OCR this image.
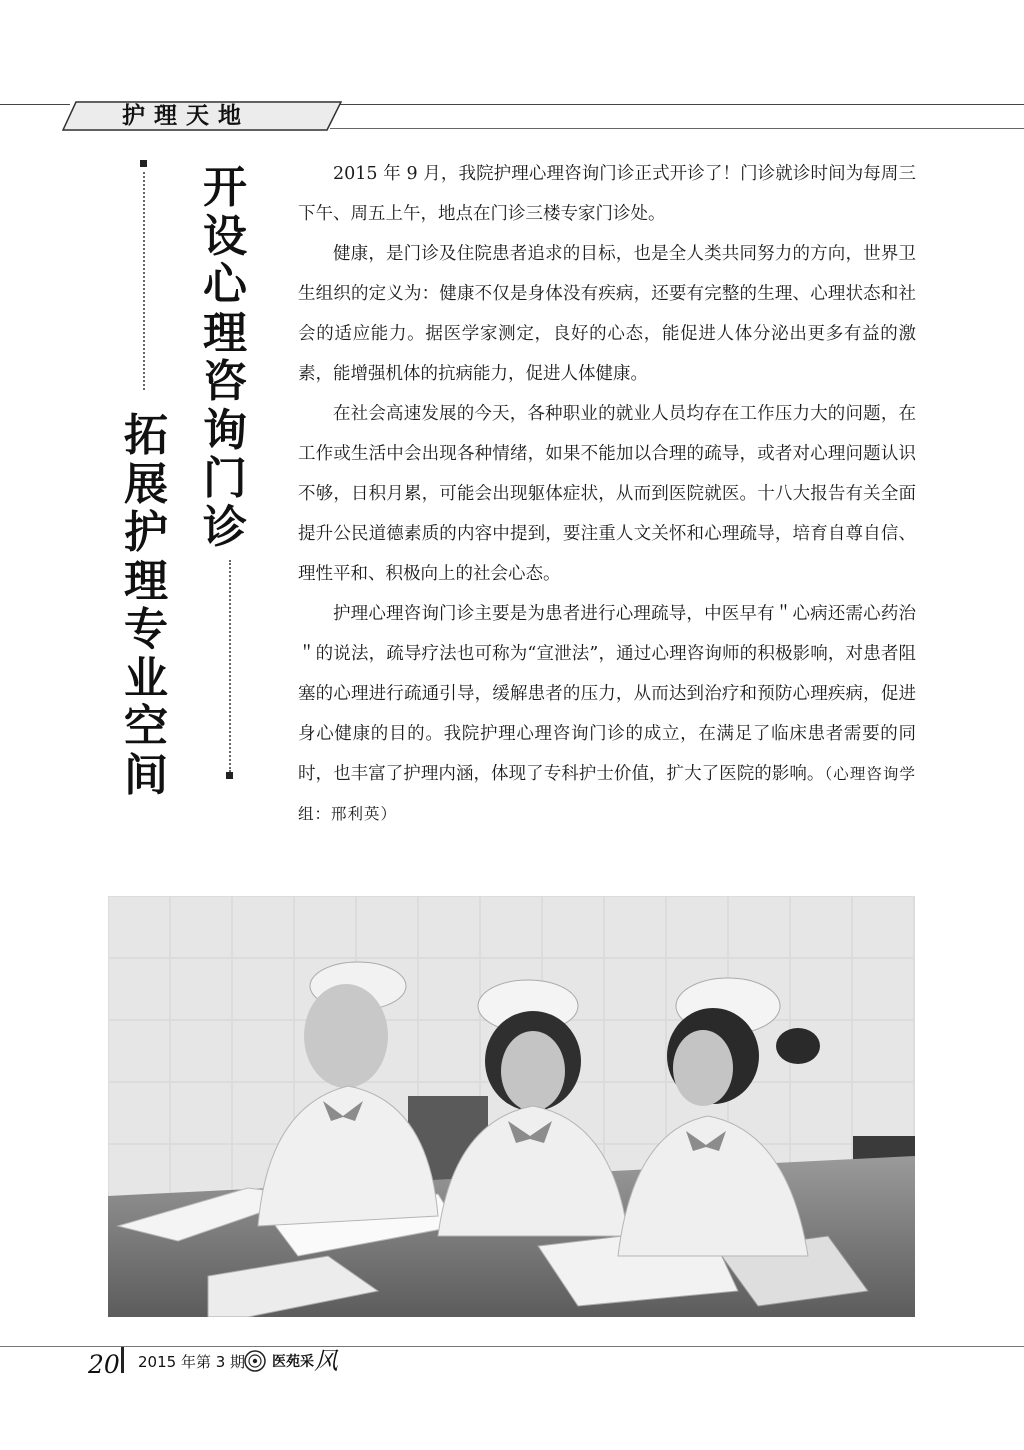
护理天地
开设心理咨询门诊
拓展护理专业空间

2015 年 9 月，我院护理心理咨询门诊正式开诊了！门诊就诊时间为每周三下午、周五上午，地点在门诊三楼专家门诊处。

健康，是门诊及住院患者追求的目标，也是全人类共同努力的方向，世界卫生组织的定义为：健康不仅是身体没有疾病，还要有完整的生理、心理状态和社会的适应能力。据医学家测定，良好的心态，能促进人体分泌出更多有益的激素，能增强机体的抗病能力，促进人体健康。

在社会高速发展的今天，各种职业的就业人员均存在工作压力大的问题，在工作或生活中会出现各种情绪，如果不能加以合理的疏导，或者对心理问题认识不够，日积月累，可能会出现躯体症状，从而到医院就医。十八大报告有关全面提升公民道德素质的内容中提到，要注重人文关怀和心理疏导，培育自尊自信、理性平和、积极向上的社会心态。

护理心理咨询门诊主要是为患者进行心理疏导，中医早有＂心病还需心药治＂的说法，疏导疗法也可称为“宣泄法”，通过心理咨询师的积极影响，对患者阻塞的心理进行疏通引导，缓解患者的压力，从而达到治疗和预防心理疾病，促进身心健康的目的。我院护理心理咨询门诊的成立，在满足了临床患者需要的同时，也丰富了护理内涵，体现了专科护士价值，扩大了医院的影响。（心理咨询学组：邢利英）

20 2015 年第 3 期 医苑采风
